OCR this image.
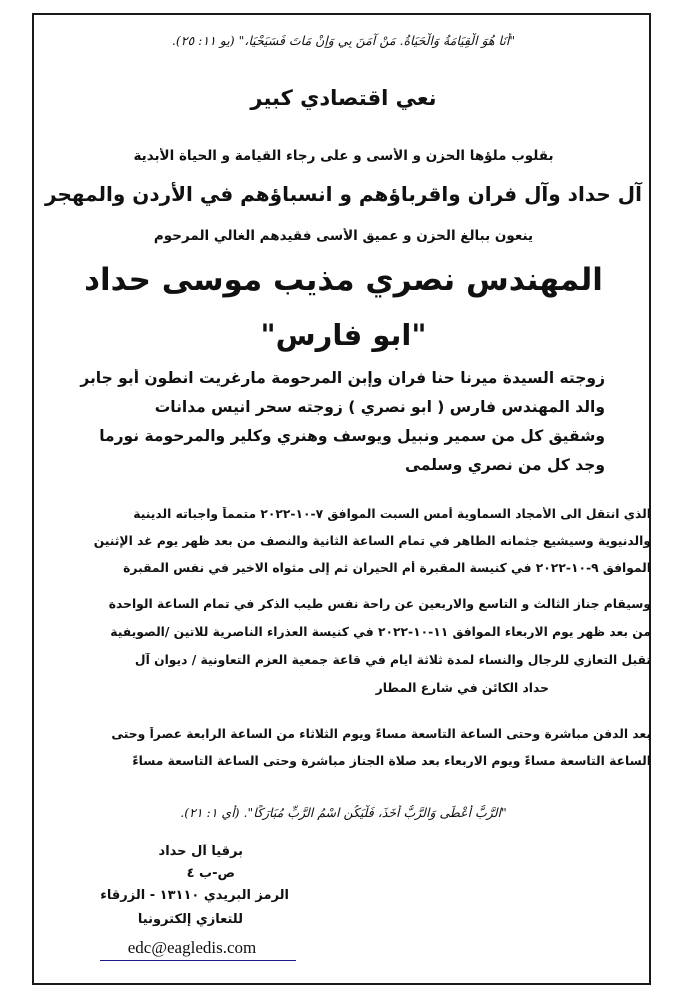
"أَنَا هُوَ الْقِيَامَةُ وَالْحَيَاةُ. مَنْ آمَنَ بِي وَإِنْ مَاتَ فَسَيَحْيَا،" (يو ١١: ٢٥).
نعي اقتصادي كبير
بقلوب ملؤها الحزن و الأسى و على رجاء القيامة و الحياة الأبدية
آل حداد وآل فران واقرباؤهم و انسباؤهم في الأردن والمهجر
ينعون ببالغ الحزن و عميق الأسى فقيدهم الغالي المرحوم
المهندس نصري مذيب موسى حداد
"ابو فارس"
زوجته السيدة ميرنا حنا فران وإبن المرحومة مارغريت انطون أبو جابر
والد المهندس فارس ( ابو نصري ) زوجته سحر انيس مدانات
وشقيق كل من سمير ونبيل ويوسف وهنري وكلير والمرحومة نورما
وجد كل من نصري وسلمى
الذي انتقل الى الأمجاد السماوية أمس السبت الموافق ٧-١٠-٢٠٢٢ متمماً واجباته الدينية
والدنيوية وسيشيع جثمانه الطاهر في تمام الساعة الثانية والنصف من بعد ظهر يوم غد الإثنين
الموافق ٩-١٠-٢٠٢٢ في كنيسة المقبرة أم الحيران ثم إلى مثواه الاخير في نفس المقبرة
وسيقام جناز الثالث و التاسع والاربعين عن راحة نفس طيب الذكر في تمام الساعة الواحدة
من بعد ظهر يوم الاربعاء الموافق ١١-١٠-٢٠٢٢ في كنيسة العذراء الناصرية للاتين /الصويفية
تقبل التعازي للرجال والنساء لمدة ثلاثة ايام في قاعة جمعية العزم التعاونية / ديوان آل
حداد الكائن في شارع المطار
بعد الدفن مباشرة وحتى الساعة التاسعة مساءً ويوم الثلاثاء من الساعة الرابعة عصراً وحتى
الساعة التاسعة مساءً ويوم الاربعاء بعد صلاة الجناز مباشرة وحتى الساعة التاسعة مساءً
"الرَّبُّ أَعْطَى وَالرَّبُّ أَخَذَ، فَلْيَكُنِ اسْمُ الرَّبِّ مُبَارَكًا". (أي ١: ٢١).
برقياً آل حداد
ص-ب ٤
الرمز البريدي ١٣١١٠ - الزرقاء
للتعازي إلكترونياً
edc@eagledis.com
